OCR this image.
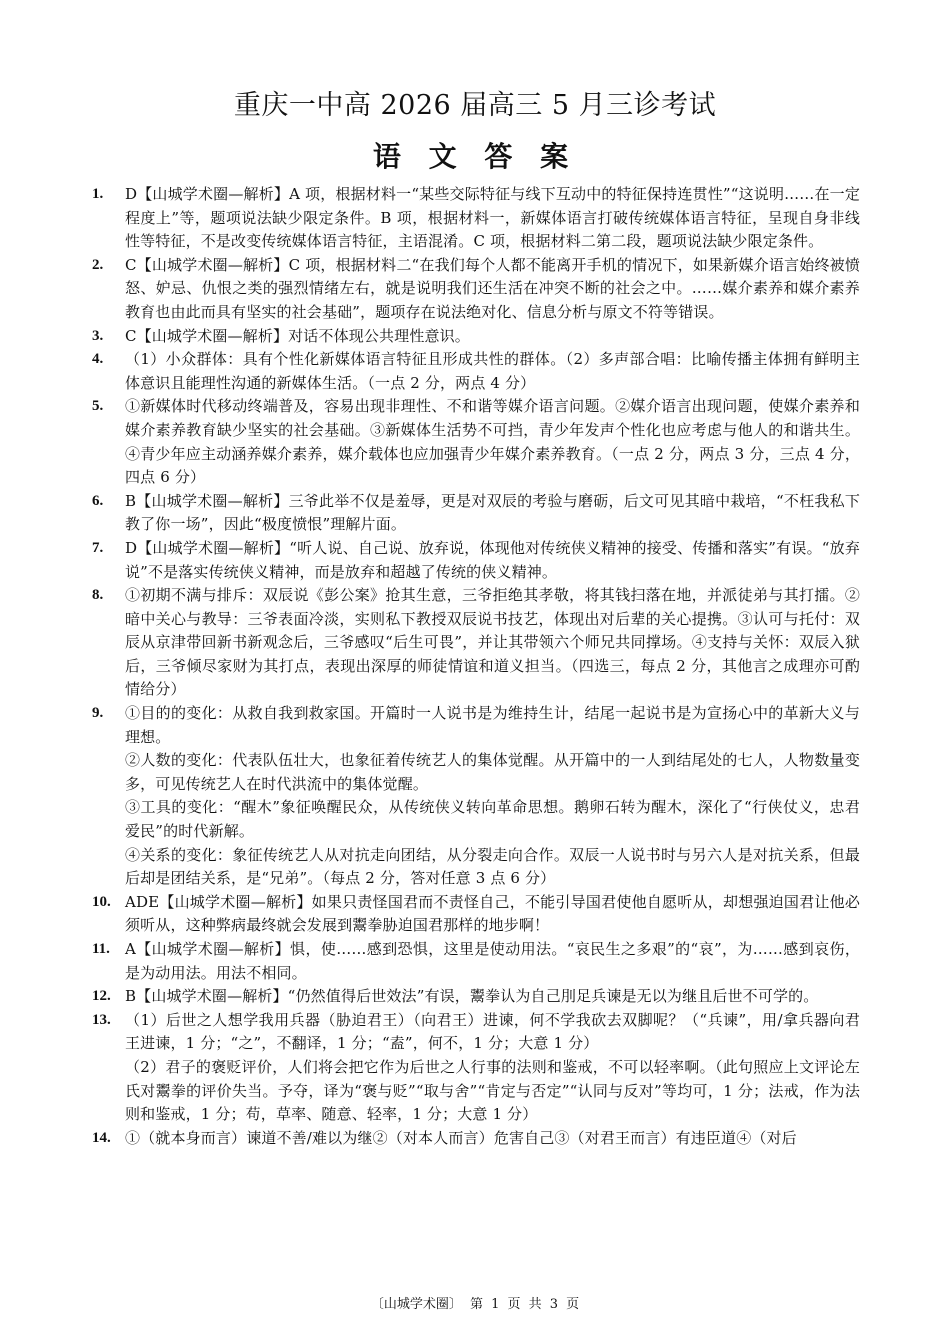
重庆一中高 2026 届高三 5 月三诊考试
语 文 答 案
1.	D【山城学术圈—解析】A 项，根据材料一“某些交际特征与线下互动中的特征保持连贯性”“这说明……在一定程度上”等，题项说法缺少限定条件。B 项，根据材料一，新媒体语言打破传统媒体语言特征，呈现自身非线性等特征，不是改变传统媒体语言特征，主语混淆。C 项，根据材料二第二段，题项说法缺少限定条件。

2.	C【山城学术圈—解析】C 项，根据材料二“在我们每个人都不能离开手机的情况下，如果新媒介语言始终被愤怒、妒忌、仇恨之类的强烈情绪左右，就是说明我们还生活在冲突不断的社会之中。……媒介素养和媒介素养教育也由此而具有坚实的社会基础”，题项存在说法绝对化、信息分析与原文不符等错误。

3.	C【山城学术圈—解析】对话不体现公共理性意识。

4.	（1）小众群体：具有个性化新媒体语言特征且形成共性的群体。（2）多声部合唱：比喻传播主体拥有鲜明主体意识且能理性沟通的新媒体生活。（一点 2 分，两点 4 分）

5.	①新媒体时代移动终端普及，容易出现非理性、不和谐等媒介语言问题。②媒介语言出现问题，使媒介素养和媒介素养教育缺少坚实的社会基础。③新媒体生活势不可挡，青少年发声个性化也应考虑与他人的和谐共生。④青少年应主动涵养媒介素养，媒介载体也应加强青少年媒介素养教育。（一点 2 分，两点 3 分，三点 4 分，四点 6 分）

6.	B【山城学术圈—解析】三爷此举不仅是羞辱，更是对双辰的考验与磨砺，后文可见其暗中栽培，“不枉我私下教了你一场”，因此“极度愤恨”理解片面。

7.	D【山城学术圈—解析】“听人说、自己说、放弃说，体现他对传统侠义精神的接受、传播和落实”有误。“放弃说”不是落实传统侠义精神，而是放弃和超越了传统的侠义精神。

8.	①初期不满与排斥：双辰说《彭公案》抢其生意，三爷拒绝其孝敬，将其钱扫落在地，并派徒弟与其打擂。②暗中关心与教导：三爷表面冷淡，实则私下教授双辰说书技艺，体现出对后辈的关心提携。③认可与托付：双辰从京津带回新书新观念后，三爷感叹“后生可畏”，并让其带领六个师兄共同撑场。④支持与关怀：双辰入狱后，三爷倾尽家财为其打点，表现出深厚的师徒情谊和道义担当。（四选三，每点 2 分，其他言之成理亦可酌情给分）

9.	①目的的变化：从救自我到救家国。开篇时一人说书是为维持生计，结尾一起说书是为宣扬心中的革新大义与理想。

②人数的变化：代表队伍壮大，也象征着传统艺人的集体觉醒。从开篇中的一人到结尾处的七人，人物数量变多，可见传统艺人在时代洪流中的集体觉醒。

③工具的变化：“醒木”象征唤醒民众，从传统侠义转向革命思想。鹅卵石转为醒木，深化了“行侠仗义，忠君爱民”的时代新解。

④关系的变化：象征传统艺人从对抗走向团结，从分裂走向合作。双辰一人说书时与另六人是对抗关系，但最后却是团结关系，是“兄弟”。（每点 2 分，答对任意 3 点 6 分）

10. ADE【山城学术圈—解析】如果只责怪国君而不责怪自己，不能引导国君使他自愿听从，却想强迫国君让他必须听从，这种弊病最终就会发展到鬻拳胁迫国君那样的地步啊！

11.	A【山城学术圈—解析】惧，使……感到恐惧，这里是使动用法。“哀民生之多艰”的“哀”，为……感到哀伤，是为动用法。用法不相同。

12. B【山城学术圈—解析】“仍然值得后世效法”有误，鬻拳认为自己刖足兵谏是无以为继且后世不可学的。

13. （1）后世之人想学我用兵器（胁迫君王）（向君王）进谏，何不学我砍去双脚呢？（“兵谏”，用/拿兵器向君王进谏，1 分；“之”，不翻译，1 分；“盍”，何不，1 分；大意 1 分）

（2）君子的褒贬评价，人们将会把它作为后世之人行事的法则和鉴戒，不可以轻率啊。（此句照应上文评论左氏对鬻拳的评价失当。予夺，译为“褒与贬”“取与舍”“肯定与否定”“认同与反对”等均可，1 分；法戒，作为法则和鉴戒，1 分；苟，草率、随意、轻率，1 分；大意 1 分）

14. ①（就本身而言）谏道不善/难以为继②（对本人而言）危害自己③（对君王而言）有违臣道④（对后

〔山城学术圈〕 第 1 页 共 3 页
